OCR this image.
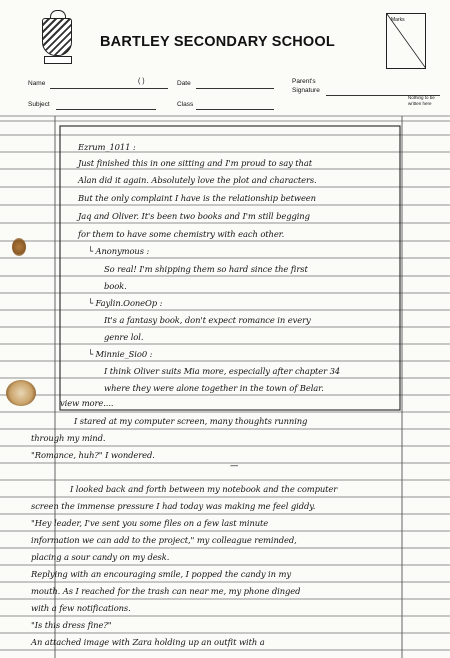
BARTLEY SECONDARY SCHOOL
Marks
Name	( )	Date	Parent's
Signature
Subject	Class
Nothing to be written here
Ezrum_1011 :
Just finished this in one sitting and I'm proud to say that
Alan did it again. Absolutely love the plot and characters.
But the only complaint I have is the relationship between
Jaq and Oliver. It's been two books and I'm still begging
for them to have some chemistry with each other.
└ Anonymous :
So real! I'm shipping them so hard since the first
book.
└ Faylin.OoneOp :
It's a fantasy book, don't expect romance in every
genre lol.
└ Minnie_Sio0 :
I think Oliver suits Mia more, especially after chapter 34
where they were alone together in the town of Belar.
view more....
I stared at my computer screen, many thoughts running
through my mind.
"Romance, huh?" I wondered.
—
I looked back and forth between my notebook and the computer
screen the immense pressure I had today was making me feel giddy.
"Hey leader, I've sent you some files on a few last minute
information we can add to the project," my colleague reminded,
placing a sour candy on my desk.
Replying with an encouraging smile, I popped the candy in my
mouth. As I reached for the trash can near me, my phone dinged
with a few notifications.
"Is this dress fine?"
An attached image with Zara holding up an outfit with a
